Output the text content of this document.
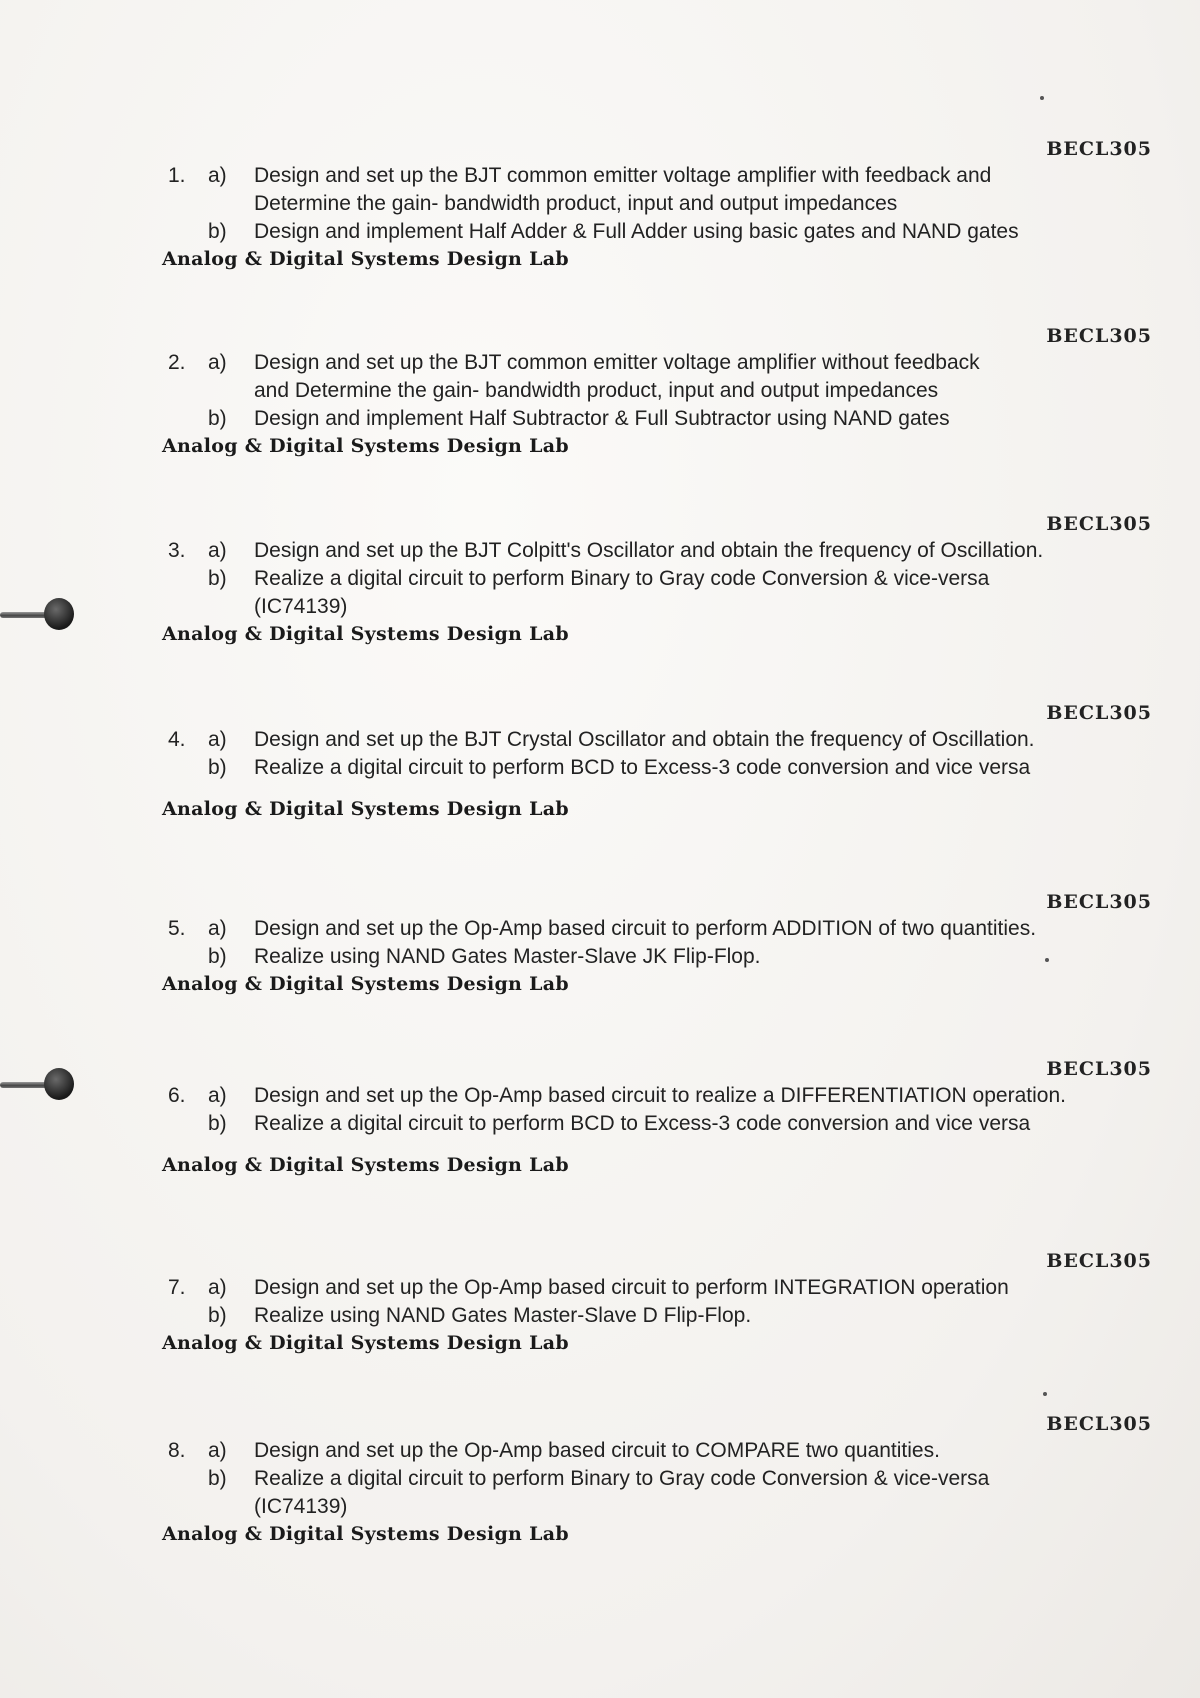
BECL305
1.	a)	Design and set up the BJT common emitter voltage amplifier with feedback and
Determine the gain- bandwidth product, input and output impedances
b)	Design and implement Half Adder & Full Adder using basic gates and NAND gates
Analog & Digital Systems Design Lab
BECL305
2.	a)	Design and set up the BJT common emitter voltage amplifier without feedback
and Determine the gain- bandwidth product, input and output impedances
b)	Design and implement Half Subtractor & Full Subtractor using NAND gates
Analog & Digital Systems Design Lab
BECL305
3.	a)	Design and set up the BJT Colpitt's Oscillator and obtain the frequency of Oscillation.
b)	Realize a digital circuit to perform Binary to Gray code Conversion & vice-versa
(IC74139)
Analog & Digital Systems Design Lab
BECL305
4.	a)	Design and set up the BJT Crystal Oscillator and obtain the frequency of Oscillation.
b)	Realize a digital circuit to perform BCD to Excess-3 code conversion and vice versa
Analog & Digital Systems Design Lab
BECL305
5.	a)	Design and set up the Op-Amp based circuit to perform ADDITION of two quantities.
b)	Realize using NAND Gates Master-Slave JK Flip-Flop.
Analog & Digital Systems Design Lab
BECL305
6.	a)	Design and set up the Op-Amp based circuit to realize a DIFFERENTIATION operation.
b)	Realize a digital circuit to perform BCD to Excess-3 code conversion and vice versa
Analog & Digital Systems Design Lab
BECL305
7.	a)	Design and set up the Op-Amp based circuit to perform INTEGRATION operation
b)	Realize using NAND Gates Master-Slave D Flip-Flop.
Analog & Digital Systems Design Lab
BECL305
8.	a)	Design and set up the Op-Amp based circuit to COMPARE two quantities.
b)	Realize a digital circuit to perform Binary to Gray code Conversion & vice-versa
(IC74139)
Analog & Digital Systems Design Lab
